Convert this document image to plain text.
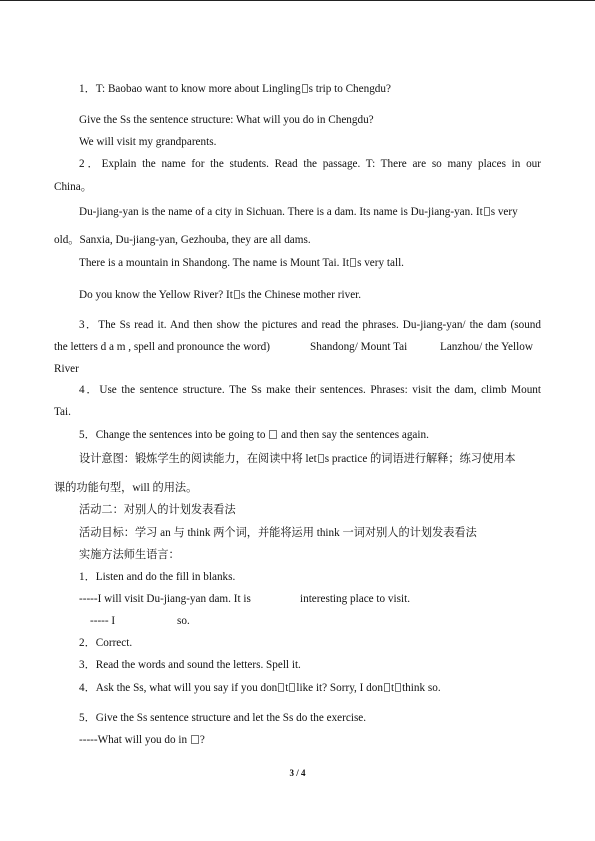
1．T: Baobao want to know more about Lingling s trip to Chengdu?
Give the Ss the sentence structure: What will you do in Chengdu?
We will visit my grandparents.
2．Explain the name for the students. Read the passage. T: There are so many places in our
China。
Du-jiang-yan is the name of a city in Sichuan. There is a dam. Its name is Du-jiang-yan. It s very
old。Sanxia, Du-jiang-yan, Gezhouba, they are all dams.
There is a mountain in Shandong. The name is Mount Tai. It s very tall.
Do you know the Yellow River? It s the Chinese mother river.
3．The Ss read it. And then show the pictures and read the phrases. Du-jiang-yan/ the dam (sound
the letters d a m , spell and pronounce the word)	Shandong/ Mount Tai	Lanzhou/ the Yellow
River
4．Use the sentence structure. The Ss make their sentences. Phrases: visit the dam, climb Mount
Tai.
5．Change the sentences into be going to and then say the sentences again.
设计意图：锻炼学生的阅读能力，在阅读中将 let s practice 的词语进行解释；练习使用本
课的功能句型，will 的用法。
活动二：对别人的计划发表看法
活动目标：学习 an 与 think 两个词，并能将运用 think 一词对别人的计划发表看法
实施方法师生语言：
1．Listen and do the fill in blanks.
-----I will visit Du-jiang-yan dam. It is	interesting place to visit.
----- I	so.
2．Correct.
3．Read the words and sound the letters. Spell it.
4．Ask the Ss, what will you say if you don t like it? Sorry, I don t think so.
5．Give the Ss sentence structure and let the Ss do the exercise.
-----What will you do in ?
3 / 4
